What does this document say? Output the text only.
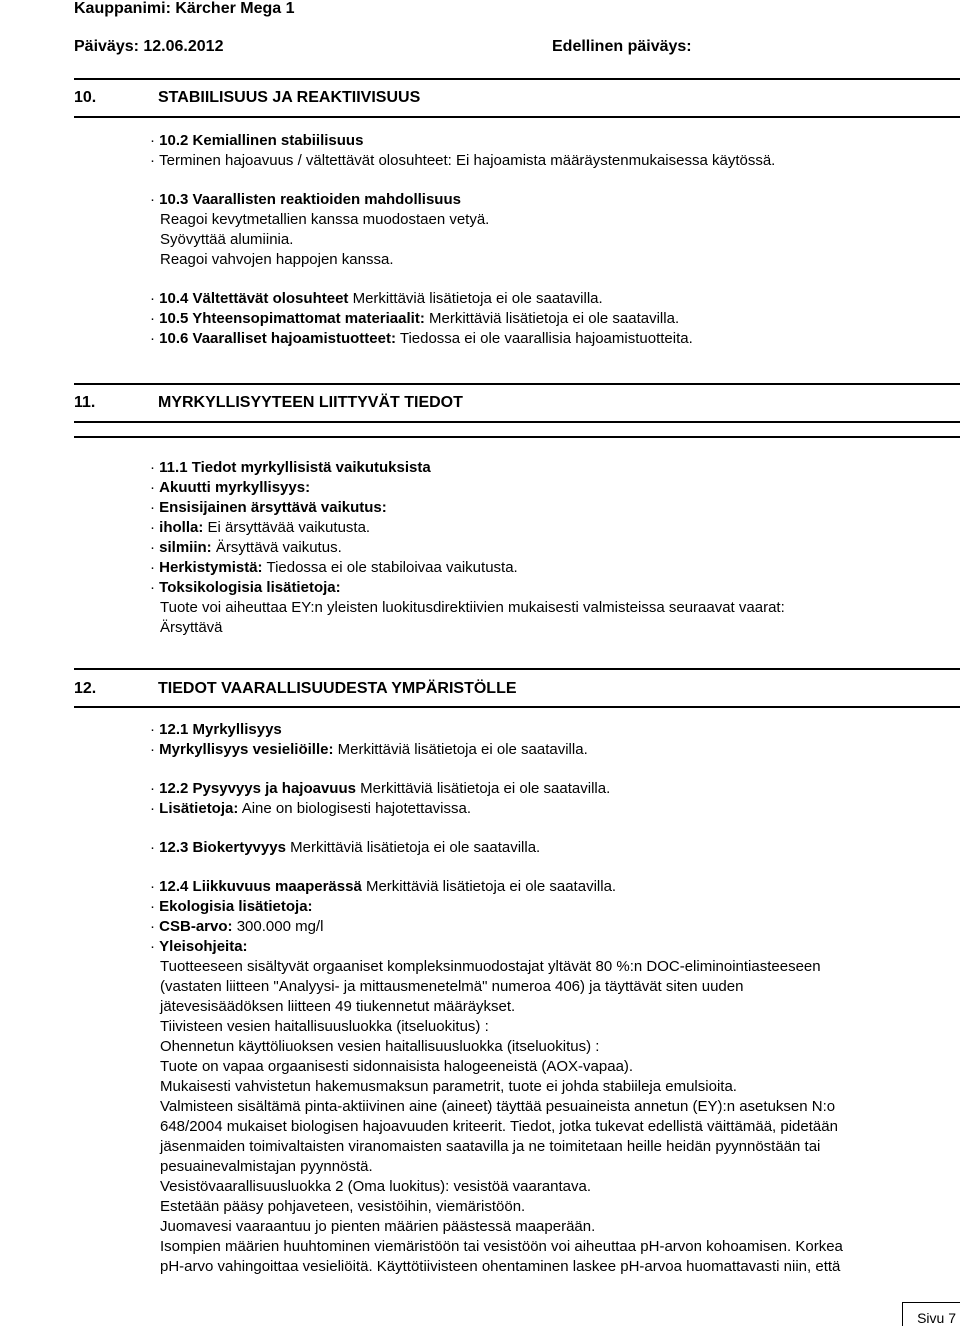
Kauppanimi: Kärcher Mega 1
Päiväys: 12.06.2012	Edellinen päiväys:
10.	STABIILISUUS JA REAKTIIVISUUS
· 10.2 Kemiallinen stabiilisuus
· Terminen hajoavuus / vältettävät olosuhteet: Ei hajoamista määräystenmukaisessa käytössä.
· 10.3 Vaarallisten reaktioiden mahdollisuus
Reagoi kevytmetallien kanssa muodostaen vetyä.
Syövyttää alumiinia.
Reagoi vahvojen happojen kanssa.
· 10.4 Vältettävät olosuhteet Merkittäviä lisätietoja ei ole saatavilla.
· 10.5 Yhteensopimattomat materiaalit: Merkittäviä lisätietoja ei ole saatavilla.
· 10.6 Vaaralliset hajoamistuotteet: Tiedossa ei ole vaarallisia hajoamistuotteita.
11.	MYRKYLLISYYTEEN LIITTYVÄT TIEDOT
· 11.1 Tiedot myrkyllisistä vaikutuksista
· Akuutti myrkyllisyys:
· Ensisijainen ärsyttävä vaikutus:
· iholla: Ei ärsyttävää vaikutusta.
· silmiin: Ärsyttävä vaikutus.
· Herkistymistä: Tiedossa ei ole stabiloivaa vaikutusta.
· Toksikologisia lisätietoja:
Tuote voi aiheuttaa EY:n yleisten luokitusdirektiivien mukaisesti valmisteissa seuraavat vaarat:
Ärsyttävä
12.	TIEDOT VAARALLISUUDESTA YMPÄRISTÖLLE
· 12.1 Myrkyllisyys
· Myrkyllisyys vesieliöille: Merkittäviä lisätietoja ei ole saatavilla.
· 12.2 Pysyvyys ja hajoavuus Merkittäviä lisätietoja ei ole saatavilla.
· Lisätietoja: Aine on biologisesti hajotettavissa.
· 12.3 Biokertyvyys Merkittäviä lisätietoja ei ole saatavilla.
· 12.4 Liikkuvuus maaperässä Merkittäviä lisätietoja ei ole saatavilla.
· Ekologisia lisätietoja:
· CSB-arvo: 300.000 mg/l
· Yleisohjeita:
Tuotteeseen sisältyvät orgaaniset kompleksinmuodostajat yltävät 80 %:n DOC-eliminointiasteeseen
(vastaten liitteen "Analyysi- ja mittausmenetelmä" numeroa 406) ja täyttävät siten uuden
jätevesisäädöksen liitteen 49 tiukennetut määräykset.
Tiivisteen vesien haitallisuusluokka (itseluokitus) :
Ohennetun käyttöliuoksen vesien haitallisuusluokka (itseluokitus) :
Tuote on vapaa orgaanisesti sidonnaisista halogeeneistä (AOX-vapaa).
Mukaisesti vahvistetun hakemusmaksun parametrit, tuote ei johda stabiileja emulsioita.
Valmisteen sisältämä pinta-aktiivinen aine (aineet) täyttää pesuaineista annetun (EY):n asetuksen N:o
648/2004 mukaiset biologisen hajoavuuden kriteerit. Tiedot, jotka tukevat edellistä väittämää, pidetään
jäsenmaiden toimivaltaisten viranomaisten saatavilla ja ne toimitetaan heille heidän pyynnöstään tai
pesuainevalmistajan pyynnöstä.
Vesistövaarallisuusluokka 2 (Oma luokitus): vesistöä vaarantava.
Estetään pääsy pohjaveteen, vesistöihin, viemäristöön.
Juomavesi vaaraantuu jo pienten määrien päästessä maaperään.
Isompien määrien huuhtominen viemäristöön tai vesistöön voi aiheuttaa pH-arvon kohoamisen. Korkea
pH-arvo vahingoittaa vesieliöitä. Käyttötiivisteen ohentaminen laskee pH-arvoa huomattavasti niin, että
Sivu 7
